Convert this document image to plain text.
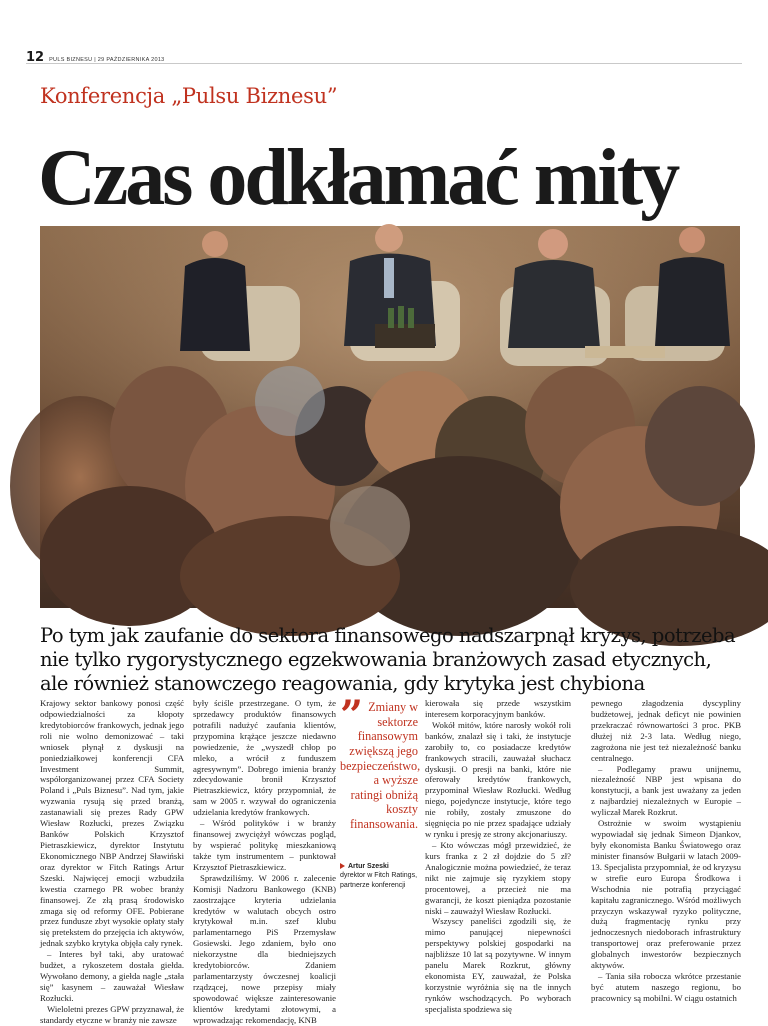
12 PULS BIZNESU | 29 PAŹDZIERNIKA 2013
Konferencja „Pulsu Biznesu”
Czas odkłamać mity

Po tym jak zaufanie do sektora finansowego nadszarpnął kryzys, potrzeba nie tylko rygorystycznego egzekwowania branżowych zasad etycznych, ale również stanowczego reagowania, gdy krytyka jest chybiona

Krajowy sektor bankowy ponosi część odpowiedzialności za kłopoty kredytobiorców frankowych, jednak jego roli nie wolno demonizować – taki wniosek płynął z dyskusji na poniedziałkowej konferencji CFA Investment Summit, współorganizowanej przez CFA Society Poland i „Puls Biznesu”. Nad tym, jakie wyzwania rysują się przed branżą, zastanawiali się prezes Rady GPW Wiesław Rozłucki, prezes Związku Banków Polskich Krzysztof Pietraszkiewicz, dyrektor Instytutu Ekonomicznego NBP Andrzej Sławiński oraz dyrektor w Fitch Ratings Artur Szeski. Najwięcej emocji wzbudziła kwestia czarnego PR wobec branży finansowej. Ze złą prasą środowisko zmaga się od reformy OFE. Pobierane przez fundusze zbyt wysokie opłaty stały się pretekstem do przejęcia ich aktywów, jednak szybko krytyka objęła cały rynek.

– Interes był taki, aby uratować budżet, a rykoszetem dostała giełda. Wywołano demony, a giełda nagle „stała się” kasynem – zauważał Wiesław Rozłucki.

Wieloletni prezes GPW przyznawał, że standardy etyczne w branży nie zawsze

były ściśle przestrzegane. O tym, że sprzedawcy produktów finansowych potrafili nadużyć zaufania klientów, przypomina krążące jeszcze niedawno powiedzenie, że „wyszedł chłop po mleko, a wrócił z funduszem agresywnym”. Dobrego imienia branży zdecydowanie bronił Krzysztof Pietraszkiewicz, który przypomniał, że sam w 2005 r. wzywał do ograniczenia udzielania kredytów frankowych.

– Wśród polityków i w branży finansowej zwyciężył wówczas pogląd, by wspierać politykę mieszkaniową także tym instrumentem – punktował Krzysztof Pietraszkiewicz.

Sprawdziliśmy. W 2006 r. zalecenie Komisji Nadzoru Bankowego (KNB) zaostrzające kryteria udzielania kredytów w walutach obcych ostro krytykował m.in. szef klubu parlamentarnego PiS Przemysław Gosiewski. Jego zdaniem, było ono niekorzystne dla biedniejszych kredytobiorców. Zdaniem parlamentarzysty ówczesnej koalicji rządzącej, nowe przepisy miały spowodować większe zainteresowanie klientów kredytami złotowymi, a wprowadzając rekomendację, KNB

” Zmiany w sektorze finansowym zwiększą jego bezpieczeństwo, a wyższe ratingi obniżą koszty finansowania.
Artur Szeski
dyrektor w Fitch Ratings, partnerze konferencji

kierowała się przede wszystkim interesem korporacyjnym banków.

Wokół mitów, które narosły wokół roli banków, znalazł się i taki, że instytucje zarobiły to, co posiadacze kredytów frankowych stracili, zauważał słuchacz dyskusji. O presji na banki, które nie oferowały kredytów frankowych, przypominał Wiesław Rozłucki. Według niego, pojedyncze instytucje, które tego nie robiły, zostały zmuszone do sięgnięcia po nie przez spadające udziały w rynku i presję ze strony akcjonariuszy.

– Kto wówczas mógł przewidzieć, że kurs franka z 2 zł dojdzie do 5 zł? Analogicznie można powiedzieć, że teraz nikt nie zajmuje się ryzykiem stopy procentowej, a przecież nie ma gwarancji, że koszt pieniądza pozostanie niski – zauważył Wiesław Rozłucki.

Wszyscy paneliści zgodzili się, że mimo panującej niepewności perspektywy polskiej gospodarki na najbliższe 10 lat są pozytywne. W innym panelu Marek Rozkrut, główny ekonomista EY, zauważał, że Polska korzystnie wyróżnia się na tle innych rynków wschodzących. Po wyborach specjalista spodziewa się

pewnego złagodzenia dyscypliny budżetowej, jednak deficyt nie powinien przekraczać równowartości 3 proc. PKB dłużej niż 2-3 lata. Według niego, zagrożona nie jest też niezależność banku centralnego.

– Podlegamy prawu unijnemu, niezależność NBP jest wpisana do konstytucji, a bank jest uważany za jeden z najbardziej niezależnych w Europie – wyliczał Marek Rozkrut.

Ostrożnie w swoim wystąpieniu wypowiadał się jednak Simeon Djankov, były ekonomista Banku Światowego oraz minister finansów Bułgarii w latach 2009-13. Specjalista przypomniał, że od kryzysu w strefie euro Europa Środkowa i Wschodnia nie potrafią przyciągać kapitału zagranicznego. Wśród możliwych przyczyn wskazywał ryzyko polityczne, dużą fragmentację rynku przy jednoczesnych niedoborach infrastruktury transportowej oraz preferowanie przez globalnych inwestorów bezpiecznych aktywów.

– Tania siła robocza wkrótce przestanie być atutem naszego regionu, bo pracownicy są mobilni. W ciągu ostatnich
